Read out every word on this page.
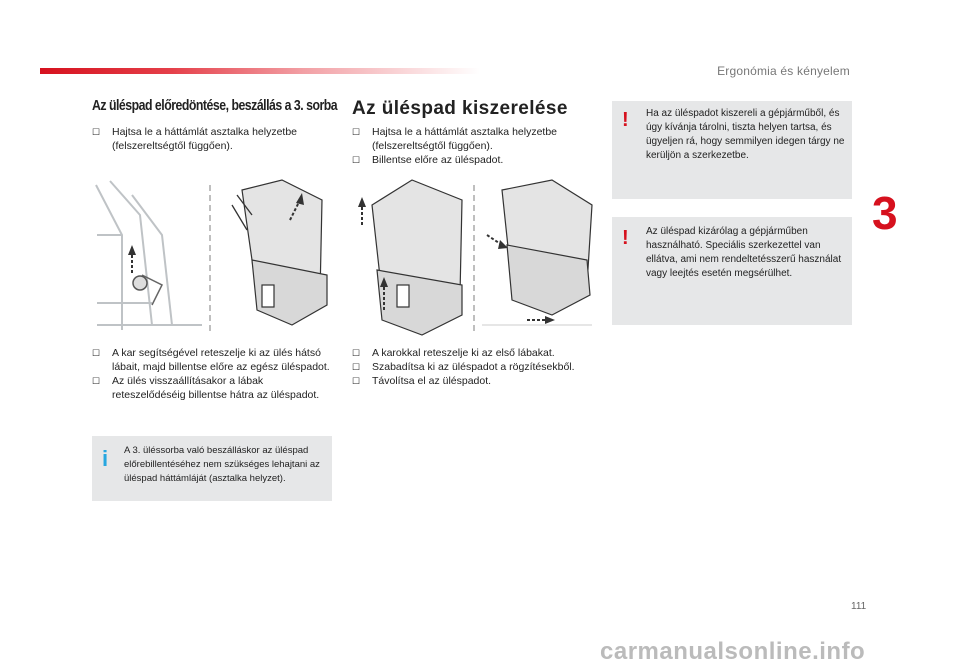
Ergonómia és kényelem
3
Az üléspad előredöntése, beszállás a 3. sorba
☐	Hajtsa le a háttámlát asztalka helyzetbe (felszereltségtől függően).
☐	A kar segítségével reteszelje ki az ülés hátsó lábait, majd billentse előre az egész üléspadot.
☐	Az ülés visszaállításakor a lábak reteszelődéséig billentse hátra az üléspadot.
i A 3. üléssorba való beszálláskor az üléspad előrebillentéséhez nem szükséges lehajtani az üléspad háttámláját (asztalka helyzet).
Az üléspad kiszerelése
☐	Hajtsa le a háttámlát asztalka helyzetbe (felszereltségtől függően).
☐	Billentse előre az üléspadot.
☐	A karokkal reteszelje ki az első lábakat.
☐	Szabadítsa ki az üléspadot a rögzítésekből.
☐	Távolítsa el az üléspadot.
! Ha az üléspadot kiszereli a gépjárműből, és úgy kívánja tárolni, tiszta helyen tartsa, és ügyeljen rá, hogy semmilyen idegen tárgy ne kerüljön a szerkezetbe.
! Az üléspad kizárólag a gépjárműben használható. Speciális szerkezettel van ellátva, ami nem rendeltetésszerű használat vagy leejtés esetén megsérülhet.
111
carmanualsonline.info
